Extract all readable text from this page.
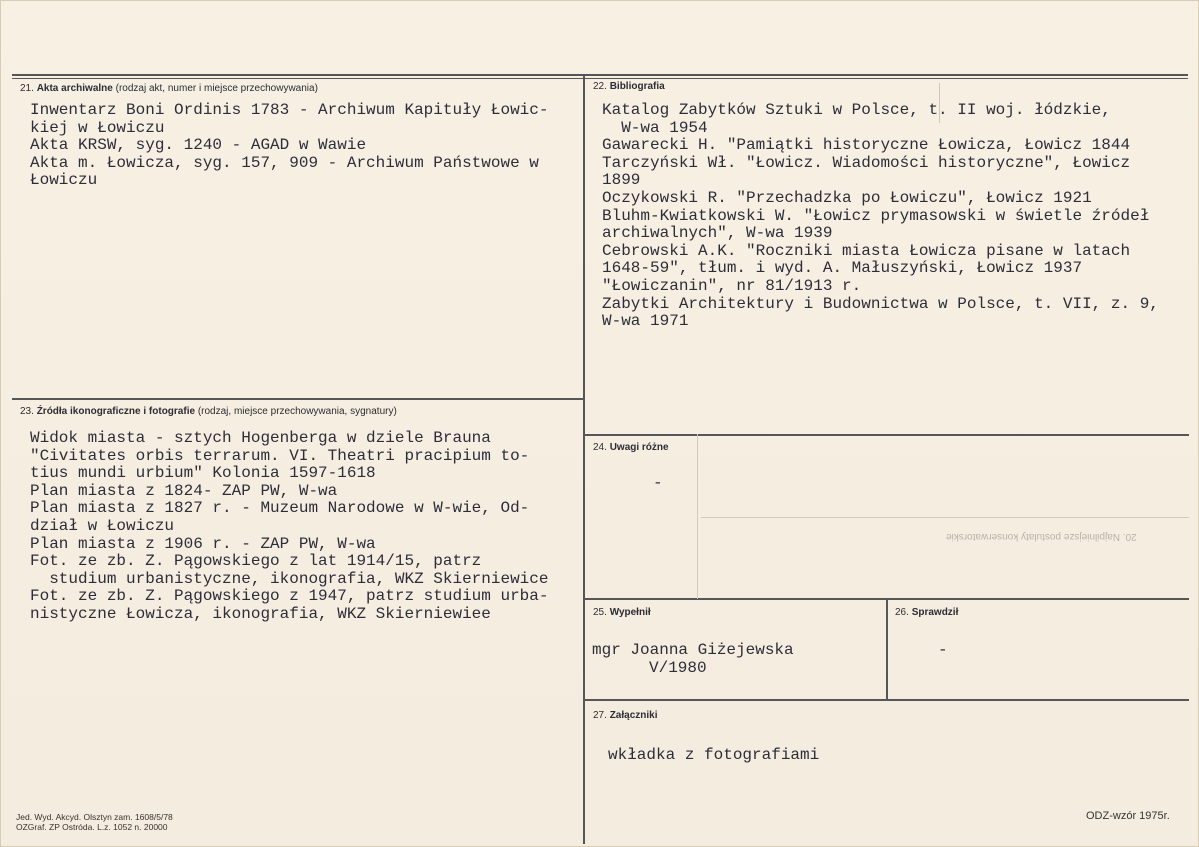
20. Najpilniejsze postulaty konserwatorskie
21. Akta archiwalne (rodzaj akt, numer i miejsce przechowywania)
Inwentarz Boni Ordinis 1783 - Archiwum Kapituły Łowic-
kiej w Łowiczu
Akta KRSW, syg. 1240 - AGAD w Wawie
Akta m. Łowicza, syg. 157, 909 - Archiwum Państwowe w
Łowiczu
22. Bibliografia
Katalog Zabytków Sztuki w Polsce, t. II woj. łódzkie,
W-wa 1954
Gawarecki H. "Pamiątki historyczne Łowicza, Łowicz 1844
Tarczyński Wł. "Łowicz. Wiadomości historyczne", Łowicz
1899
Oczykowski R. "Przechadzka po Łowiczu", Łowicz 1921
Bluhm-Kwiatkowski W. "Łowicz prymasowski w świetle źródeł
archiwalnych", W-wa 1939
Cebrowski A.K. "Roczniki miasta Łowicza pisane w latach
1648-59", tłum. i wyd. A. Małuszyński, Łowicz 1937
"Łowiczanin", nr 81/1913 r.
Zabytki Architektury i Budownictwa w Polsce, t. VII, z. 9,
W-wa 1971
23. Źródła ikonograficzne i fotografie (rodzaj, miejsce przechowywania, sygnatury)
Widok miasta - sztych Hogenberga w dziele Brauna
"Civitates orbis terrarum. VI. Theatri pracipium to-
tius mundi urbium" Kolonia 1597-1618
Plan miasta z 1824- ZAP PW, W-wa
Plan miasta z 1827 r. - Muzeum Narodowe w W-wie, Od-
dział w Łowiczu
Plan miasta z 1906 r. - ZAP PW, W-wa
Fot. ze zb. Z. Pągowskiego z lat 1914/15, patrz
studium urbanistyczne, ikonografia, WKZ Skierniewice
Fot. ze zb. Z. Pągowskiego z 1947, patrz studium urba-
nistyczne Łowicza, ikonografia, WKZ Skierniewiee
24. Uwagi różne
-
25. Wypełnił
mgr Joanna Giżejewska
V/1980
26. Sprawdził
-
27. Załączniki
wkładka z fotografiami
Jed. Wyd. Akcyd. Olsztyn zam. 1608/5/78
OZGraf. ZP Ostróda. L.z. 1052 n. 20000
ODZ-wzór 1975r.
